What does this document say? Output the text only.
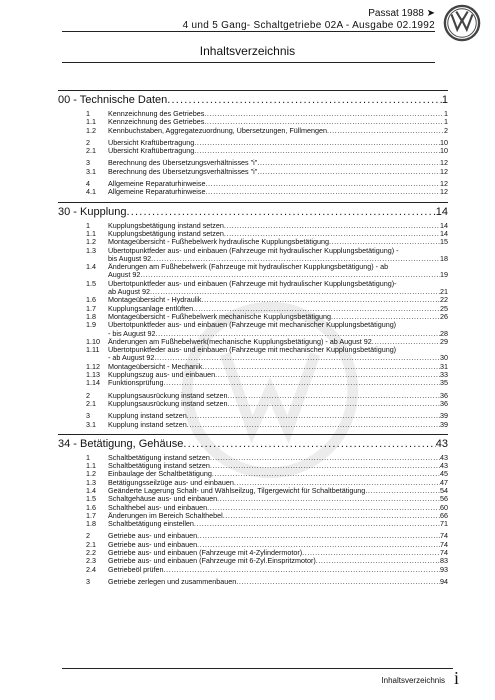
Passat 1988 ➤
4 und 5 Gang- Schaltgetriebe 02A - Ausgabe 02.1992
Inhaltsverzeichnis
00 - Technische Daten .....	1
1	Kennzeichnung des Getriebes .....	1
1.1	Kennzeichnung des Getriebes .....	1
1.2	Kennbuchstaben, Aggregatezuordnung, Übersetzungen, Füllmengen .....	2
2	Übersicht Kraftübertragung .....	10
2.1	Übersicht Kraftübertragung .....	10
3	Berechnung des Übersetzungsverhältnisses "i" .....	12
3.1	Berechnung des Übersetzungsverhältnisses "i" .....	12
4	Allgemeine Reparaturhinweise .....	12
4.1	Allgemeine Reparaturhinweise .....	12
30 - Kupplung .....	14
1	Kupplungsbetätigung instand setzen .....	14
1.1	Kupplungsbetätigung instand setzen .....	14
1.2	Montageübersicht - Fußhebelwerk hydraulische Kupplungsbetätigung .....	15
1.3	Übertotpunktfeder aus- und einbauen (Fahrzeuge mit hydraulischer Kupplungsbetätigung) -
bis August 92 .....	18
1.4	Änderungen am Fußhebelwerk (Fahrzeuge mit hydraulischer Kupplungsbetätigung) - ab
August 92 .....	19
1.5	Übertotpunktfeder aus- und einbauen (Fahrzeuge mit hydraulischer Kupplungsbetätigung)-
ab August 92 .....	21
1.6	Montageübersicht - Hydraulik .....	22
1.7	Kupplungsanlage entlüften .....	25
1.8	Montageübersicht - Fußhebelwerk mechanische Kupplungsbetätigung .....	26
1.9	Übertotpunktfeder aus- und einbauen (Fahrzeuge mit mechanischer Kupplungsbetätigung)
- bis August 92 .....	28
1.10	Änderungen am Fußhebelwerk(mechanische Kupplungsbetätigung) - ab August 92 .....	29
1.11	Übertotpunktfeder aus- und einbauen (Fahrzeuge mit mechanischer Kupplungsbetätigung)
- ab August 92 .....	30
1.12	Montageübersicht - Mechanik .....	31
1.13	Kupplungszug aus- und einbauen .....	33
1.14	Funktionsprüfung .....	35
2	Kupplungsausrückung instand setzen .....	36
2.1	Kupplungsausrückung instand setzen .....	36
3	Kupplung instand setzen .....	39
3.1	Kupplung instand setzen .....	39
34 - Betätigung, Gehäuse .....	43
1	Schaltbetätigung instand setzen .....	43
1.1	Schaltbetätigung instand setzen .....	43
1.2	Einbaulage der Schaltbetätigung .....	45
1.3	Betätigungsseilzüge aus- und einbauen .....	47
1.4	Geänderte Lagerung Schalt- und Wählseilzug, Tilgergewicht für Schaltbetätigung .....	54
1.5	Schaltgehäuse aus- und einbauen .....	56
1.6	Schalthebel aus- und einbauen .....	60
1.7	Änderungen im Bereich Schalthebel .....	66
1.8	Schaltbetätigung einstellen .....	71
2	Getriebe aus- und einbauen .....	74
2.1	Getriebe aus- und einbauen .....	74
2.2	Getriebe aus- und einbauen (Fahrzeuge mit 4-Zylindermotor) .....	74
2.3	Getriebe aus- und einbauen (Fahrzeuge mit 6-Zyl.Einspritzmotor) .....	83
2.4	Getriebeöl prüfen .....	93
3	Getriebe zerlegen und zusammenbauen .....	94
Inhaltsverzeichnis i
